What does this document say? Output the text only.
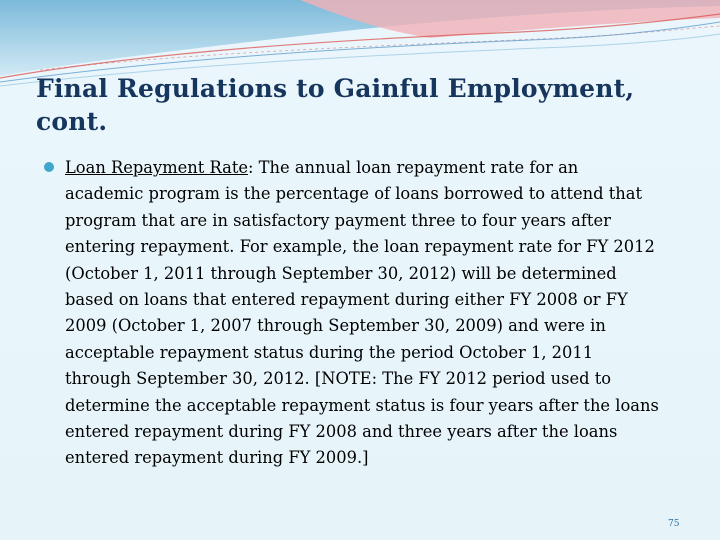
Final Regulations to Gainful Employment, cont.

Loan Repayment Rate: The annual loan repayment rate for an academic program is the percentage of loans borrowed to attend that program that are in satisfactory payment three to four years after entering repayment. For example, the loan repayment rate for FY 2012 (October 1, 2011 through September 30, 2012) will be determined based on loans that entered repayment during either FY 2008 or FY 2009 (October 1, 2007 through September 30, 2009) and were in acceptable repayment status during the period October 1, 2011 through September 30, 2012. [NOTE: The FY 2012 period used to determine the acceptable repayment status is four years after the loans entered repayment during FY 2008 and three years after the loans entered repayment during FY 2009.]

75
